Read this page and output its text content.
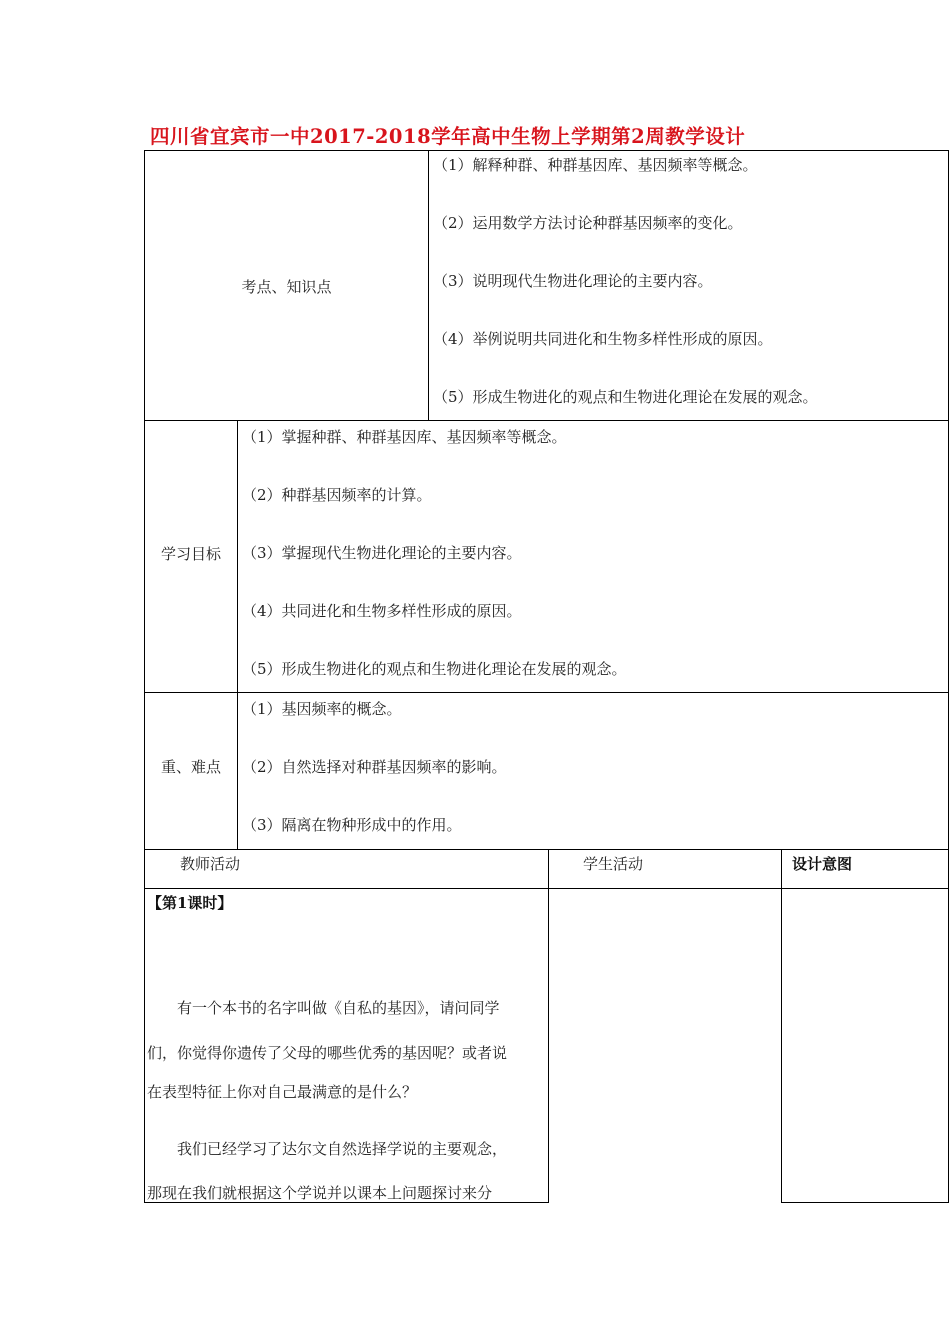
四川省宜宾市一中2017-2018学年高中生物上学期第2周教学设计
考点、知识点
（1）解释种群、种群基因库、基因频率等概念。
（2）运用数学方法讨论种群基因频率的变化。
（3）说明现代生物进化理论的主要内容。
（4）举例说明共同进化和生物多样性形成的原因。
（5）形成生物进化的观点和生物进化理论在发展的观念。
学习目标
（1）掌握种群、种群基因库、基因频率等概念。
（2）种群基因频率的计算。
（3）掌握现代生物进化理论的主要内容。
（4）共同进化和生物多样性形成的原因。
（5）形成生物进化的观点和生物进化理论在发展的观念。
重、难点
（1）基因频率的概念。
（2）自然选择对种群基因频率的影响。
（3）隔离在物种形成中的作用。
教师活动	学生活动	设计意图
【第1课时】
有一个本书的名字叫做《自私的基因》，请问同学
们，你觉得你遗传了父母的哪些优秀的基因呢？或者说
在表型特征上你对自己最满意的是什么？
我们已经学习了达尔文自然选择学说的主要观念，
那现在我们就根据这个学说并以课本上问题探讨来分
